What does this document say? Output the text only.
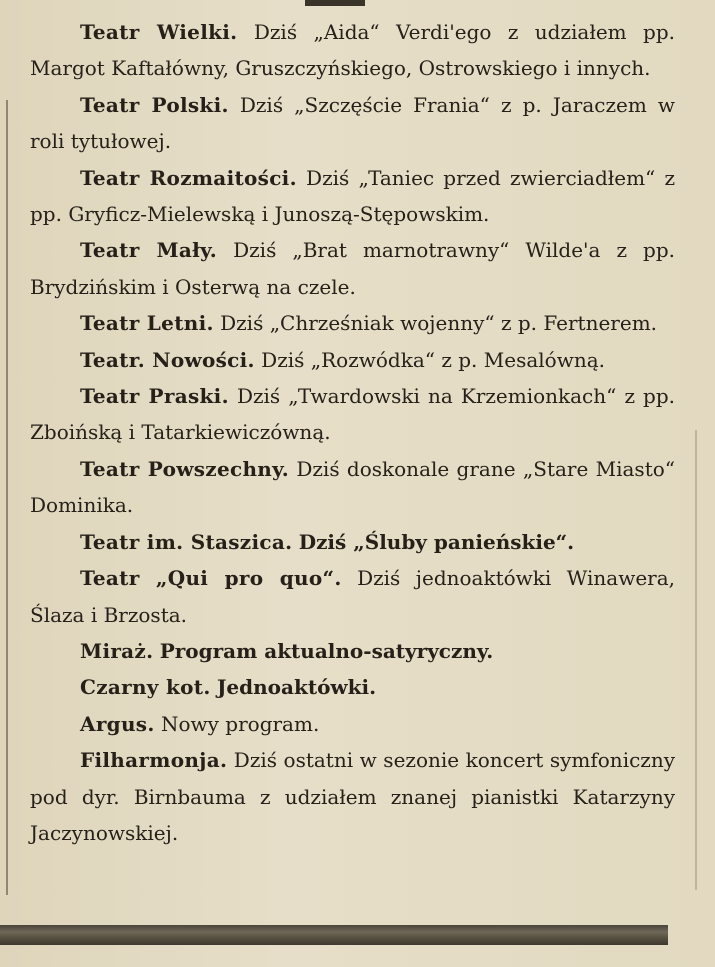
Teatr Wielki. Dziś „Aida“ Verdi'ego z udziałem pp. Margot Kaftałówny, Gruszczyńskiego, Ostrowskiego i innych.

Teatr Polski. Dziś „Szczęście Frania“ z p. Jaraczem w roli tytułowej.

Teatr Rozmaitości. Dziś „Taniec przed zwierciadłem“ z pp. Gryficz-Mielewską i Junoszą-Stępowskim.

Teatr Mały. Dziś „Brat marnotrawny“ Wilde'a z pp. Brydzińskim i Osterwą na czele.

Teatr Letni. Dziś „Chrześniak wojenny“ z p. Fertnerem.

Teatr. Nowości. Dziś „Rozwódka“ z p. Mesalówną.

Teatr Praski. Dziś „Twardowski na Krzemionkach“ z pp. Zboińską i Tatarkiewiczówną.

Teatr Powszechny. Dziś doskonale grane „Stare Miasto“ Dominika.

Teatr im. Staszica. Dziś „Śluby panieńskie“.

Teatr „Qui pro quo“. Dziś jednoaktówki Winawera, Ślaza i Brzosta.

Miraż. Program aktualno-satyryczny.

Czarny kot. Jednoaktówki.

Argus. Nowy program.

Filharmonja. Dziś ostatni w sezonie koncert symfoniczny pod dyr. Birnbauma z udziałem znanej pianistki Katarzyny Jaczynowskiej.
